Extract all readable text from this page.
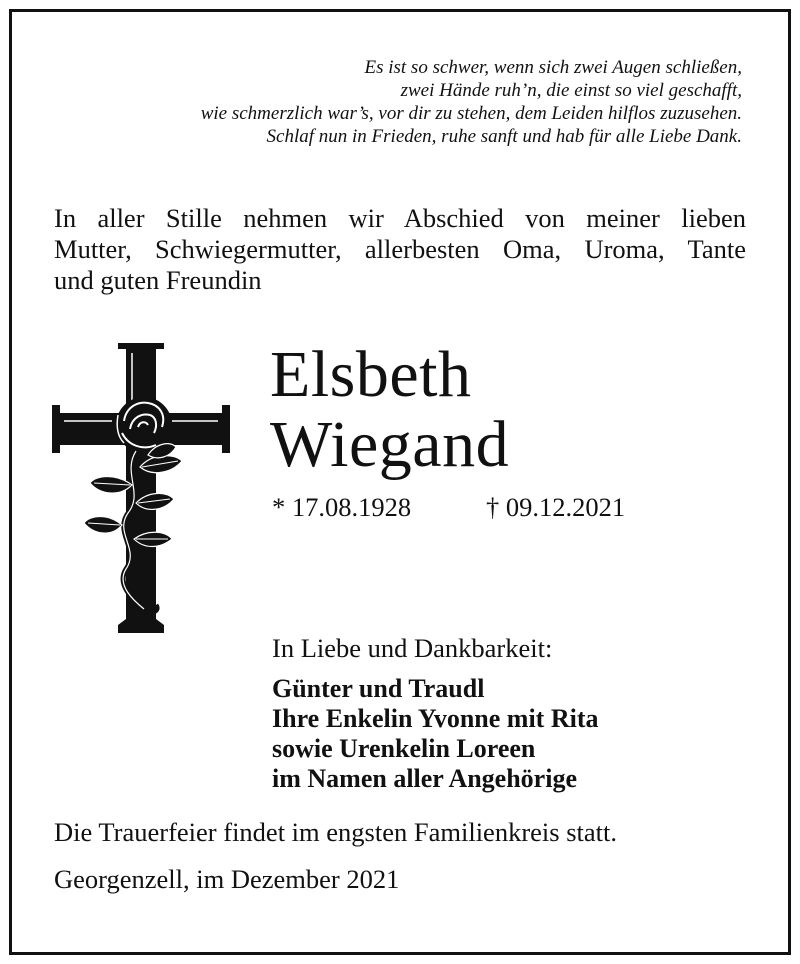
Es ist so schwer, wenn sich zwei Augen schließen,
zwei Hände ruh’n, die einst so viel geschafft,
wie schmerzlich war’s, vor dir zu stehen, dem Leiden hilflos zuzusehen.
Schlaf nun in Frieden, ruhe sanft und hab für alle Liebe Dank.
In aller Stille nehmen wir Abschied von meiner lieben
Mutter, Schwiegermutter, allerbesten Oma, Uroma, Tante
und guten Freundin
Elsbeth
Wiegand
* 17.08.1928	† 09.12.2021
In Liebe und Dankbarkeit:
Günter und Traudl
Ihre Enkelin Yvonne mit Rita
sowie Urenkelin Loreen
im Namen aller Angehörige
Die Trauerfeier findet im engsten Familienkreis statt.
Georgenzell, im Dezember 2021
